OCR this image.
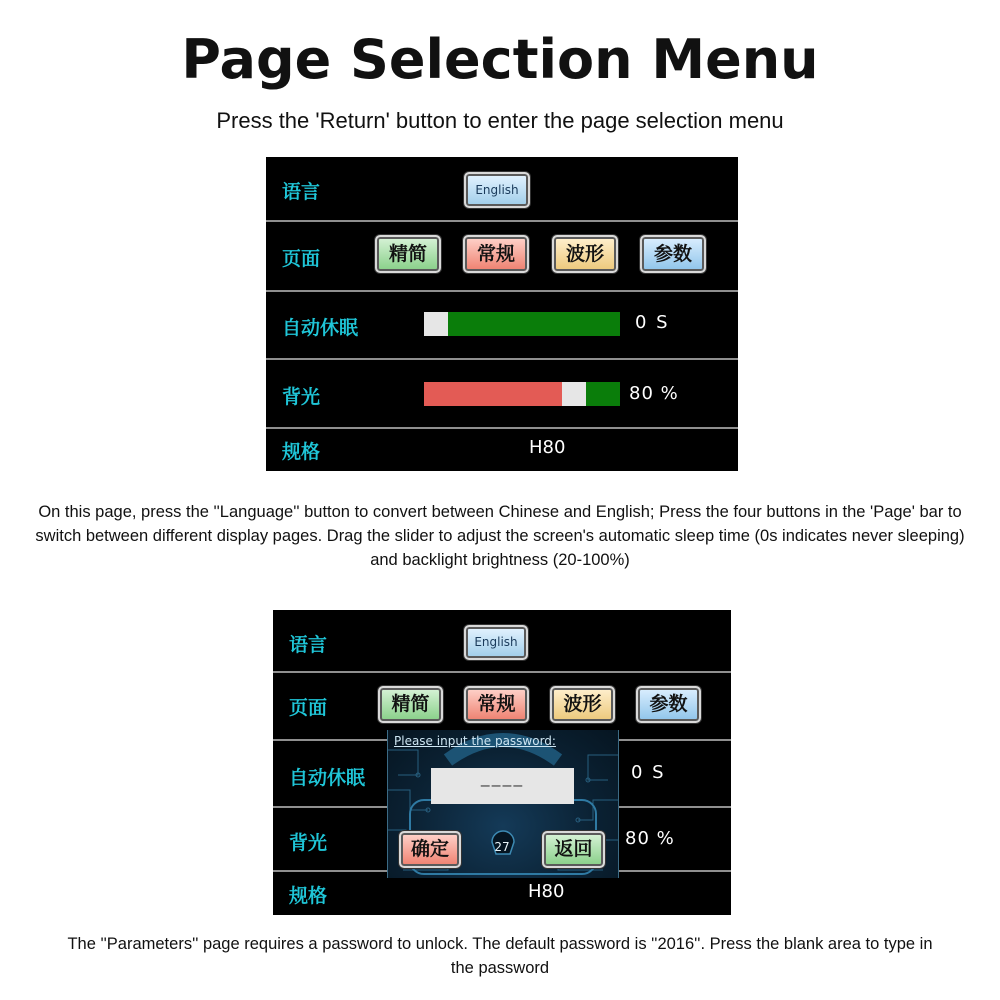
Page Selection Menu
Press the 'Return' button to enter the page selection menu
语言	English
页面	精简	常规	波形	参数
自动休眠	0 S
背光	80 %
规格	H80
On this page, press the ''Language'' button to convert between Chinese and English; Press the four buttons in the 'Page' bar to switch between different display pages. Drag the slider to adjust the screen's automatic sleep time (0s indicates never sleeping) and backlight brightness (20-100%)
语言	English
页面	精简	常规	波形	参数
自动休眠	0 S
背光	80 %
规格	H80
Please input the password:
––––
确定	27	返回
The ''Parameters'' page requires a password to unlock. The default password is ''2016''. Press the blank area to type in the password
